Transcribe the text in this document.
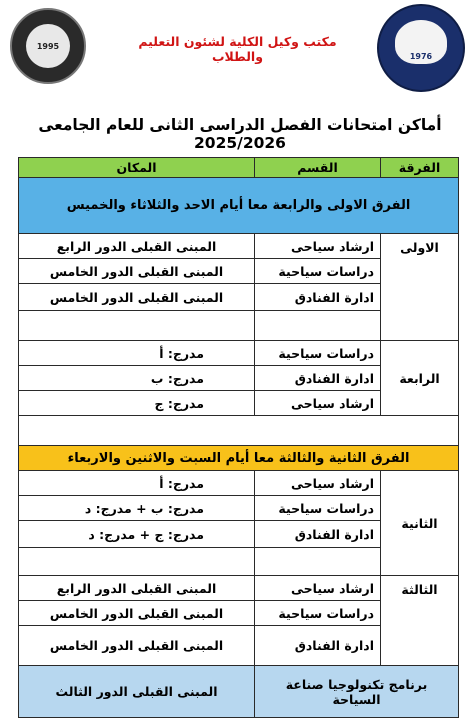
1995	مكتب وكيل الكلية لشئون التعليم والطلاب	1976
أماكن امتحانات الفصل الدراسى الثانى للعام الجامعى 2025/2026
الفرقة	القسم	المكان
الفرق الاولى والرابعة معا أيام الاحد والثلاثاء والخميس		
الاولى	ارشاد سياحى	المبنى القبلى الدور الرابع
	دراسات سياحية	المبنى القبلى الدور الخامس
	ادارة الفنادق	المبنى القبلى الدور الخامس

الرابعة	دراسات سياحية	مدرج: أ
	ادارة الفنادق	مدرج: ب
	ارشاد سياحى	مدرج: ج

الفرق الثانية والثالثة معا أيام السبت والاثنين والاربعاء		
الثانية	ارشاد سياحى	مدرج: أ
	دراسات سياحية	مدرج: ب + مدرج: د
	ادارة الفنادق	مدرج: ج + مدرج: د

الثالثة	ارشاد سياحى	المبنى القبلى الدور الرابع
	دراسات سياحية	المبنى القبلى الدور الخامس
	ادارة الفنادق	المبنى القبلى الدور الخامس
برنامج تكنولوجيا صناعة السياحة		المبنى القبلى الدور الثالث
